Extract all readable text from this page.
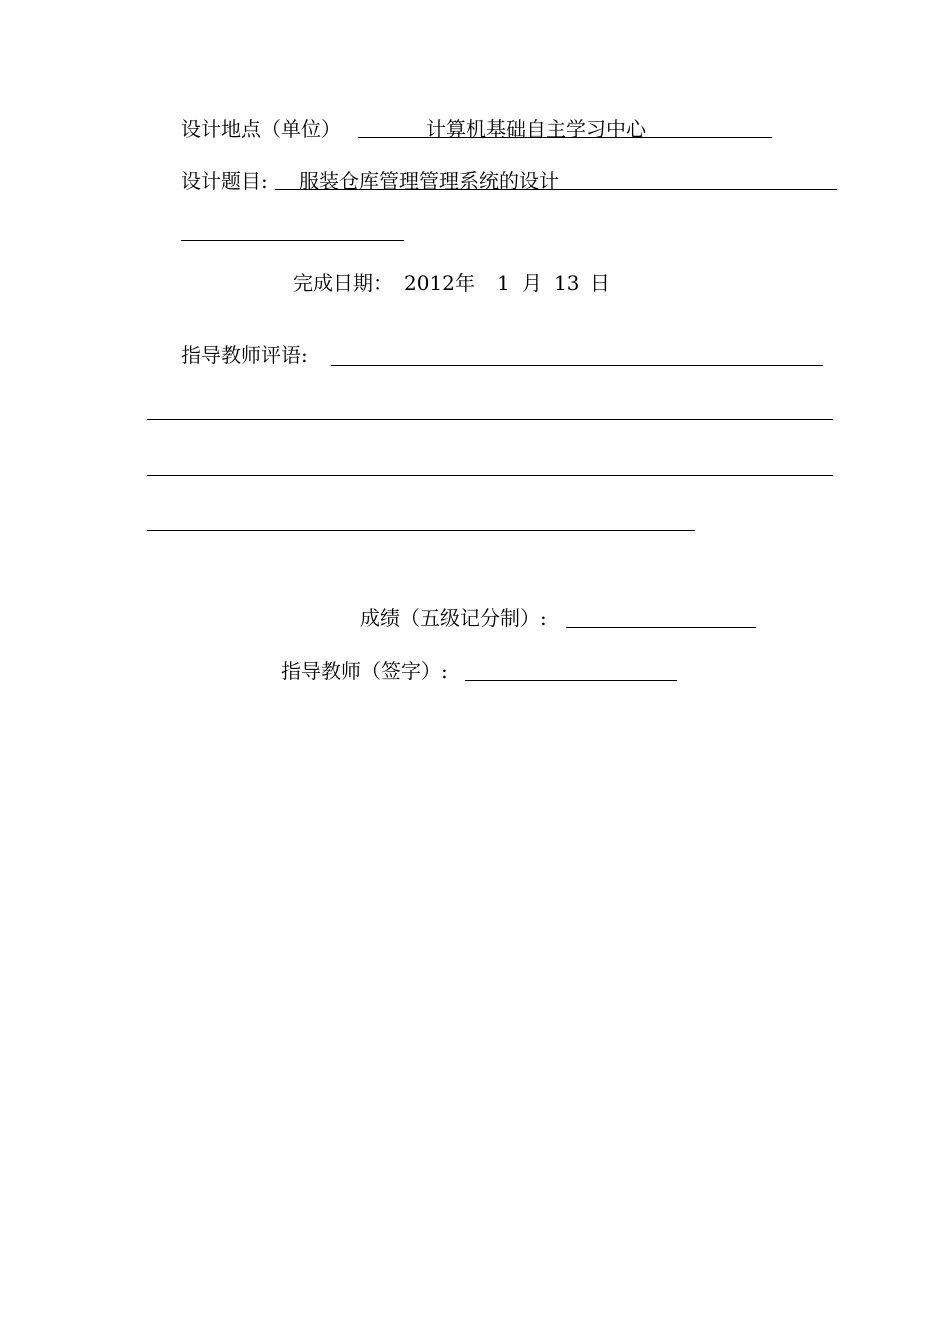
设计地点（单位）	计算机基础自主学习中心
设计题目: 服装仓库管理管理系统的设计
完成日期： 2012 年 1 月 13 日
指导教师评语:
成绩（五级记分制）:
指导教师（签字）:
